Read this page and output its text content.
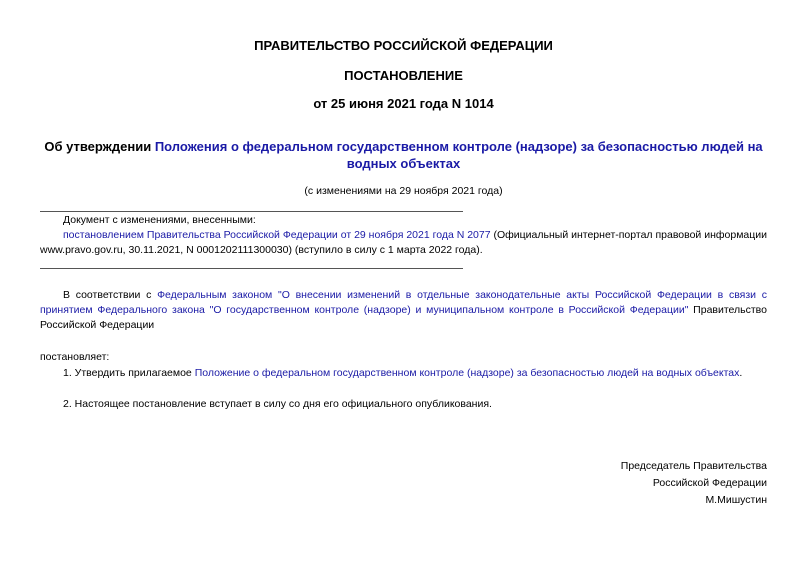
ПРАВИТЕЛЬСТВО РОССИЙСКОЙ ФЕДЕРАЦИИ
ПОСТАНОВЛЕНИЕ
от 25 июня 2021 года N 1014
Об утверждении Положения о федеральном государственном контроле (надзоре) за безопасностью людей на водных объектах
(с изменениями на 29 ноября 2021 года)
Документ с изменениями, внесенными:
постановлением Правительства Российской Федерации от 29 ноября 2021 года N 2077 (Официальный интернет-портал правовой информации www.pravo.gov.ru, 30.11.2021, N 0001202111300030) (вступило в силу с 1 марта 2022 года).
В соответствии с Федеральным законом "О внесении изменений в отдельные законодательные акты Российской Федерации в связи с принятием Федерального закона "О государственном контроле (надзоре) и муниципальном контроле в Российской Федерации" Правительство Российской Федерации
постановляет:
1. Утвердить прилагаемое Положение о федеральном государственном контроле (надзоре) за безопасностью людей на водных объектах.
2. Настоящее постановление вступает в силу со дня его официального опубликования.
Председатель Правительства
Российской Федерации
М.Мишустин
